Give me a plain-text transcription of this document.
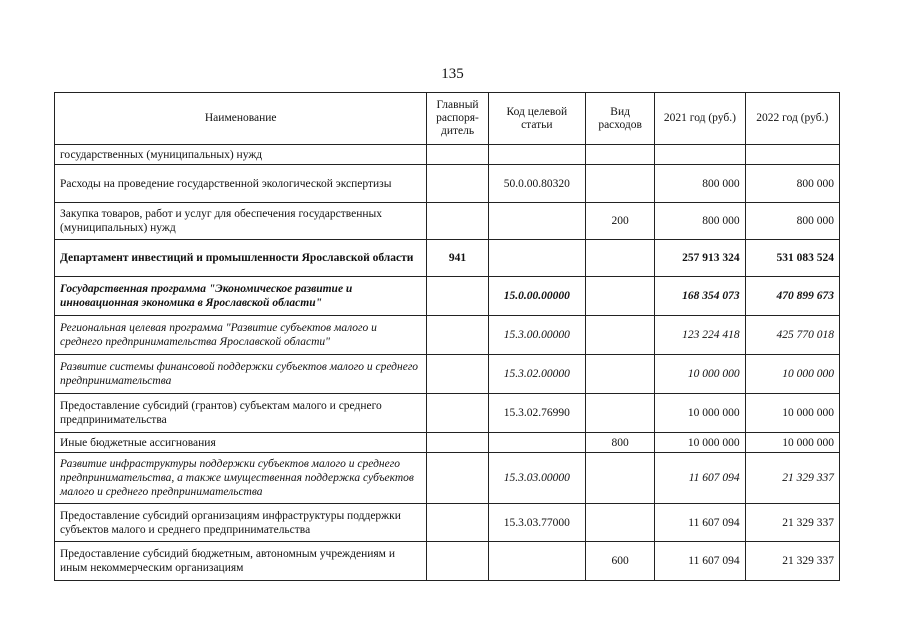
135
Наименование	Главный распоря-дитель	Код целевой статьи	Вид расходов	2021 год (руб.)	2022 год (руб.)
государственных (муниципальных) нужд					
Расходы на проведение государственной экологической экспертизы		50.0.00.80320		800 000	800 000
Закупка товаров, работ и услуг для обеспечения государственных (муниципальных) нужд			200	800 000	800 000
Департамент инвестиций и промышленности Ярославской области	941			257 913 324	531 083 524
Государственная программа "Экономическое развитие и инновационная экономика в Ярославской области"		15.0.00.00000		168 354 073	470 899 673
Региональная целевая программа "Развитие субъектов малого и среднего предпринимательства Ярославской области"		15.3.00.00000		123 224 418	425 770 018
Развитие системы финансовой поддержки субъектов малого и среднего предпринимательства		15.3.02.00000		10 000 000	10 000 000
Предоставление субсидий (грантов) субъектам малого и среднего предпринимательства		15.3.02.76990		10 000 000	10 000 000
Иные бюджетные ассигнования			800	10 000 000	10 000 000
Развитие инфраструктуры поддержки субъектов малого и среднего предпринимательства, а также имущественная поддержка субъектов малого и среднего предпринимательства		15.3.03.00000		11 607 094	21 329 337
Предоставление субсидий организациям инфраструктуры поддержки субъектов малого и среднего предпринимательства		15.3.03.77000		11 607 094	21 329 337
Предоставление субсидий бюджетным, автономным учреждениям и иным некоммерческим организациям			600	11 607 094	21 329 337
